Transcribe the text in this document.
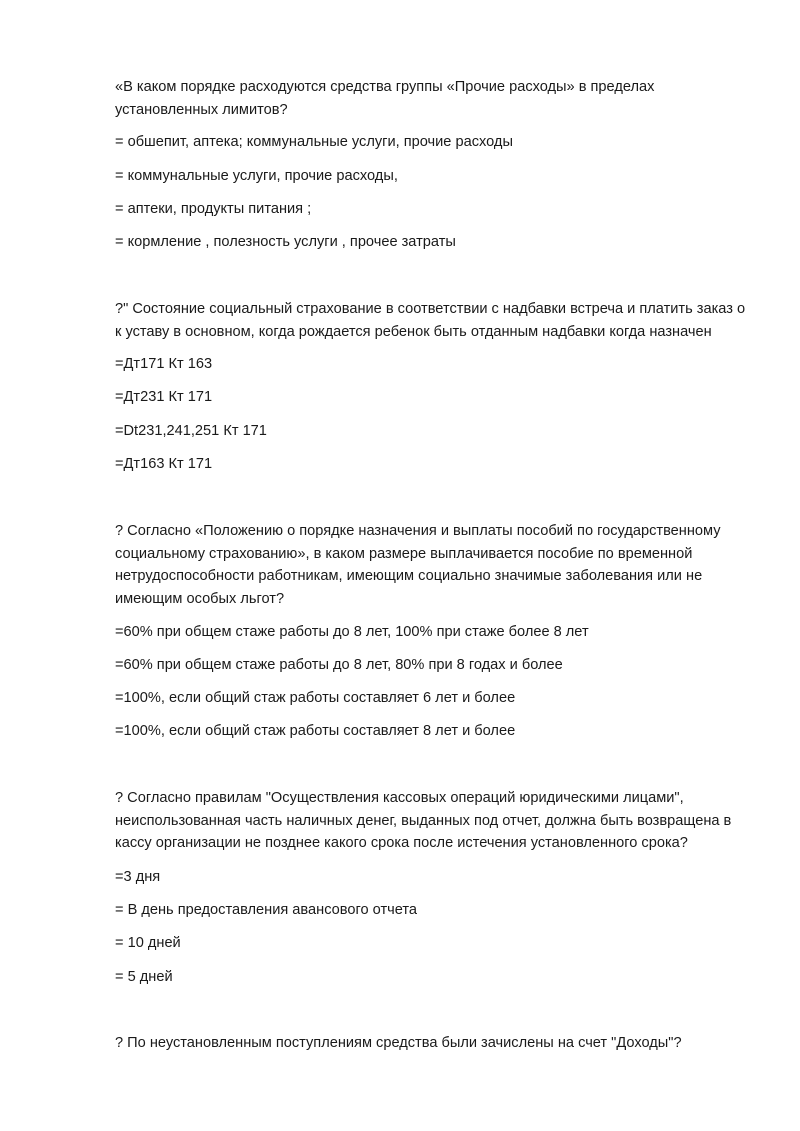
«В каком порядке расходуются средства группы «Прочие расходы» в пределах установленных лимитов?

= обшепит, аптека; коммунальные услуги, прочие расходы

= коммунальные услуги, прочие расходы,

= аптеки, продукты питания ;

= кормление , полезность услуги , прочее затраты

?" Состояние социальный страхование в соответствии с надбавки встреча и платить заказ о к уставу в основном, когда рождается ребенок быть отданным надбавки когда назначен

=Дт171 Кт 163

=Дт231 Кт 171

=Dt231,241,251 Кт 171

=Дт163 Кт 171

? Согласно «Положению о порядке назначения и выплаты пособий по государственному социальному страхованию», в каком размере выплачивается пособие по временной нетрудоспособности работникам, имеющим социально значимые заболевания или не имеющим особых льгот?

=60% при общем стаже работы до 8 лет, 100% при стаже более 8 лет

=60% при общем стаже работы до 8 лет, 80% при 8 годах и более

=100%, если общий стаж работы составляет 6 лет и более

=100%, если общий стаж работы составляет 8 лет и более

? Согласно правилам "Осуществления кассовых операций юридическими лицами", неиспользованная часть наличных денег, выданных под отчет, должна быть возвращена в кассу организации не позднее какого срока после истечения установленного срока?

=3 дня

= В день предоставления авансового отчета

= 10 дней

= 5 дней

? По неустановленным поступлениям средства были зачислены на счет "Доходы"?
